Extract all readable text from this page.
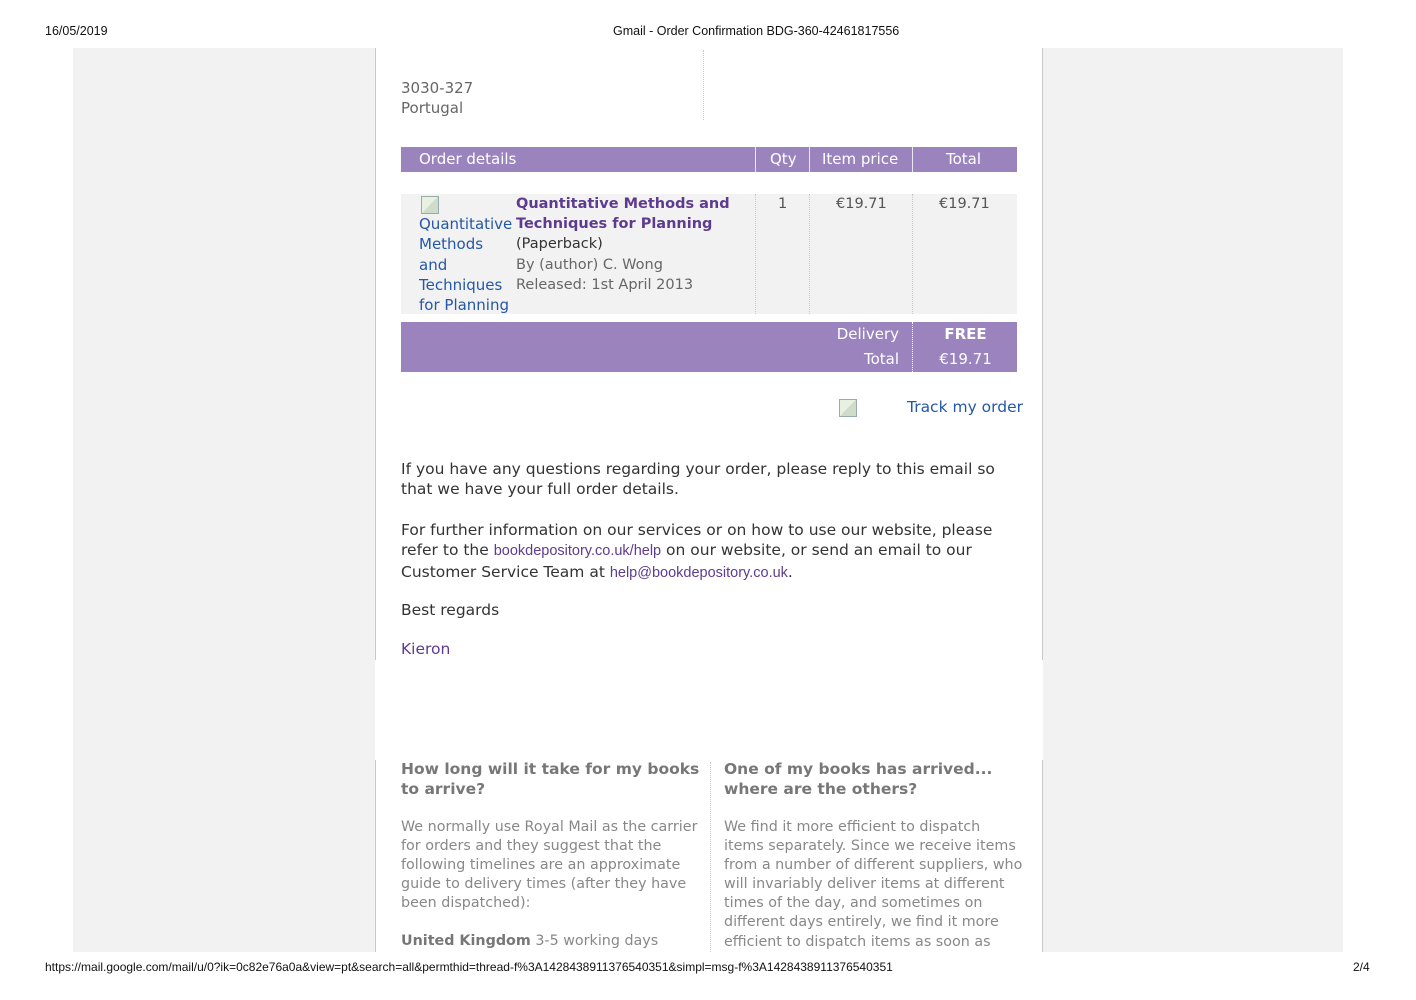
16/05/2019	Gmail - Order Confirmation BDG-360-42461817556
3030-327
Portugal
Order details	Qty Item price	Total
Quantitative
Methods and
Techniques
for Planning
Quantitative Methods and
Techniques for Planning
(Paperback)
By (author) C. Wong
Released: 1st April 2013
1	€19.71	€19.71
Delivery	FREE
Total	€19.71
Track my order
If you have any questions regarding your order, please reply to this email so
that we have your full order details.
For further information on our services or on how to use our website, please
refer to the bookdepository.co.uk/help on our website, or send an email to our
Customer Service Team at help@bookdepository.co.uk.
Best regards
Kieron
How long will it take for my books
to arrive?
We normally use Royal Mail as the carrier
for orders and they suggest that the
following timelines are an approximate
guide to delivery times (after they have
been dispatched):
United Kingdom 3-5 working days
One of my books has arrived...
where are the others?
We find it more efficient to dispatch
items separately. Since we receive items
from a number of different suppliers, who
will invariably deliver items at different
times of the day, and sometimes on
different days entirely, we find it more
efficient to dispatch items as soon as
https://mail.google.com/mail/u/0?ik=0c82e76a0a&view=pt&search=all&permthid=thread-f%3A1428438911376540351&simpl=msg-f%3A1428438911376540351	2/4
